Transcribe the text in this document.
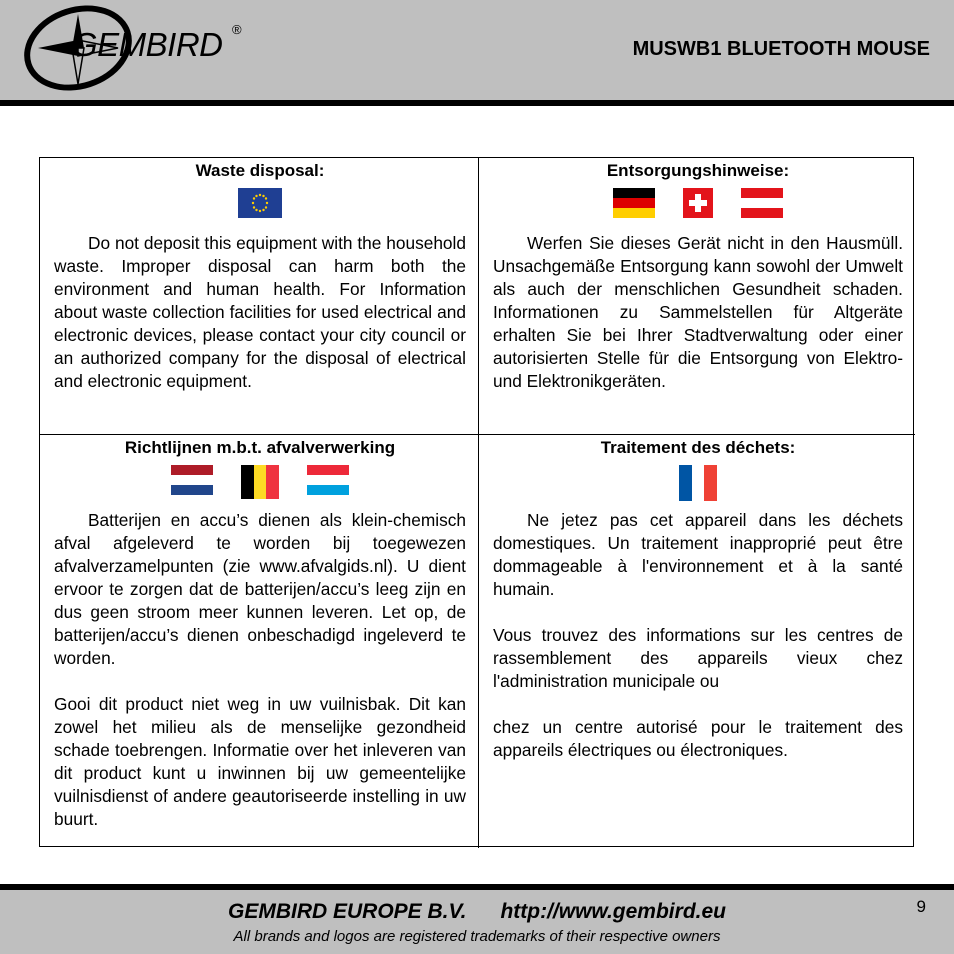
GEMBIRD ®
MUSWB1 BLUETOOTH MOUSE
Waste disposal:

Do not deposit this equipment with the household waste. Improper disposal can harm both the environment and human health. For Information about waste collection facilities for used electrical and electronic devices, please contact your city council or an authorized company for the disposal of electrical and electronic equipment.

Entsorgungshinweise:

Werfen Sie dieses Gerät nicht in den Hausmüll. Unsachgemäße Entsorgung kann sowohl der Umwelt als auch der menschlichen Gesundheit schaden. Informationen zu Sammelstellen für Altgeräte erhalten Sie bei Ihrer Stadtverwaltung oder einer autorisierten Stelle für die Entsorgung von Elektro-und Elektronikgeräten.

Richtlijnen m.b.t. afvalverwerking

Batterijen en accu’s dienen als klein-chemisch afval afgeleverd te worden bij toegewezen afvalverzamelpunten (zie www.afvalgids.nl). U dient ervoor te zorgen dat de batterijen/accu’s leeg zijn en dus geen stroom meer kunnen leveren. Let op, de batterijen/accu’s dienen onbeschadigd ingeleverd te worden.

Gooi dit product niet weg in uw vuilnisbak. Dit kan zowel het milieu als de menselijke gezondheid schade toebrengen. Informatie over het inleveren van dit product kunt u inwinnen bij uw gemeentelijke vuilnisdienst of andere geautoriseerde instelling in uw buurt.

Traitement des déchets:

Ne jetez pas cet appareil dans les déchets domestiques. Un traitement inapproprié peut être dommageable à l'environnement et à la santé humain.

Vous trouvez des informations sur les centres de rassemblement des appareils vieux chez l'administration municipale ou

chez un centre autorisé pour le traitement des appareils électriques ou électroniques.

GEMBIRD EUROPE B.V. http://www.gembird.eu
All brands and logos are registered trademarks of their respective owners
9
